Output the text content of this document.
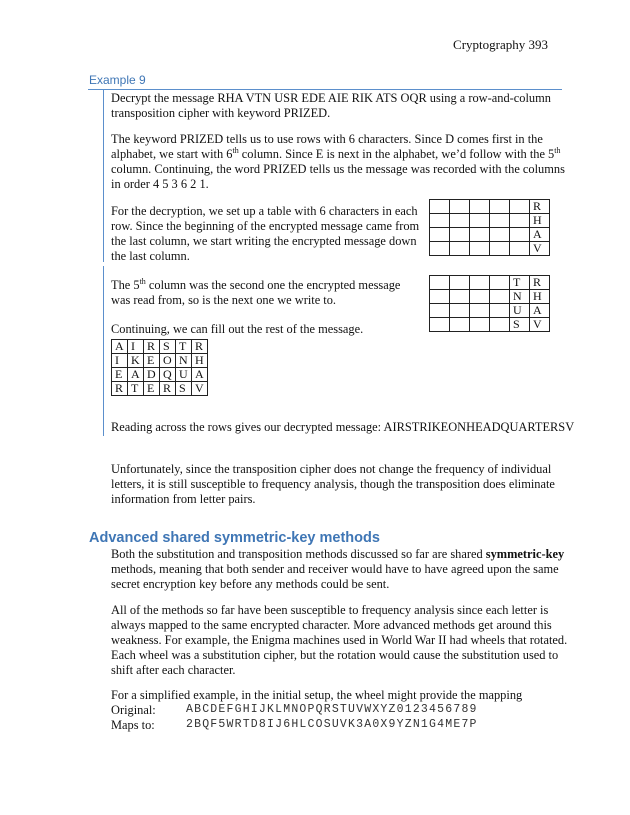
Cryptography 393
Example 9

Decrypt the message RHA VTN USR EDE AIE RIK ATS OQR using a row-and-column transposition cipher with keyword PRIZED.

The keyword PRIZED tells us to use rows with 6 characters. Since D comes first in the alphabet, we start with 6th column. Since E is next in the alphabet, we’d follow with the 5th column. Continuing, the word PRIZED tells us the message was recorded with the columns in order 4 5 3 6 2 1.

For the decryption, we set up a table with 6 characters in each row. Since the beginning of the encrypted message came from the last column, we start writing the encrypted message down the last column.

					R
					H
					A
					V

The 5th column was the second one the encrypted message was read from, so is the next one we write to.

				T	R
				N	H
				U	A
				S	V

Continuing, we can fill out the rest of the message.

A	I	R	S	T	R
I	K	E	O	N	H
E	A	D	Q	U	A
R	T	E	R	S	V

Reading across the rows gives our decrypted message: AIRSTRIKEONHEADQUARTERSV

Unfortunately, since the transposition cipher does not change the frequency of individual letters, it is still susceptible to frequency analysis, though the transposition does eliminate information from letter pairs.

Advanced shared symmetric-key methods

Both the substitution and transposition methods discussed so far are shared symmetric-key methods, meaning that both sender and receiver would have to have agreed upon the same secret encryption key before any methods could be sent.

All of the methods so far have been susceptible to frequency analysis since each letter is always mapped to the same encrypted character. More advanced methods get around this weakness. For example, the Enigma machines used in World War II had wheels that rotated. Each wheel was a substitution cipher, but the rotation would cause the substitution used to shift after each character.

For a simplified example, in the initial setup, the wheel might provide the mapping

Original:	ABCDEFGHIJKLMNOPQRSTUVWXYZ0123456789
Maps to:	2BQF5WRTD8IJ6HLCOSUVK3A0X9YZN1G4ME7P
